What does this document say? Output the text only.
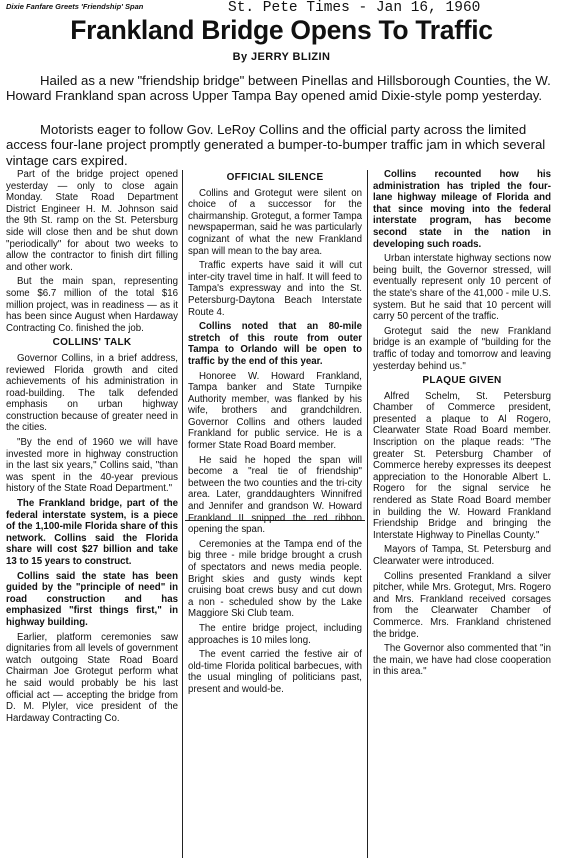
Dixie Fanfare Greets 'Friendship' Span	St. Pete Times - Jan 16, 1960
Frankland Bridge Opens To Traffic
By JERRY BLIZIN

Hailed as a new "friendship bridge" between Pinellas and Hillsborough Counties, the W. Howard Frankland span across Upper Tampa Bay opened amid Dixie-style pomp yesterday.

Motorists eager to follow Gov. LeRoy Collins and the official party across the limited access four-lane project promptly generated a bumper-to-bumper traffic jam in which several vintage cars expired.

Part of the bridge project opened yesterday — only to close again Monday. State Road Department District Engineer H. M. Johnson said the 9th St. ramp on the St. Petersburg side will close then and be shut down "periodically" for about two weeks to allow the contractor to finish dirt filling and other work.

But the main span, representing some $6.7 million of the total $16 million project, was in readiness — as it has been since August when Hardaway Contracting Co. finished the job.

COLLINS' TALK

Governor Collins, in a brief address, reviewed Florida growth and cited achievements of his administration in road-building. The talk defended emphasis on urban highway construction because of greater need in the cities.

"By the end of 1960 we will have invested more in highway construction in the last six years," Collins said, "than was spent in the 40-year previous history of the State Road Department."

The Frankland bridge, part of the federal interstate system, is a piece of the 1,100-mile Florida share of this network. Collins said the Florida share will cost $27 billion and take 13 to 15 years to construct.

Collins said the state has been guided by the "principle of need" in road construction and has emphasized "first things first," in highway building.

Earlier, platform ceremonies saw dignitaries from all levels of government watch outgoing State Road Board Chairman Joe Grotegut perform what he said would probably be his last official act — accepting the bridge from D. M. Plyler, vice president of the Hardaway Contracting Co.

OFFICIAL SILENCE

Collins and Grotegut were silent on choice of a successor for the chairmanship. Grotegut, a former Tampa newspaperman, said he was particularly cognizant of what the new Frankland span will mean to the bay area.

Traffic experts have said it will cut inter-city travel time in half. It will feed to Tampa's expressway and into the St. Petersburg-Daytona Beach Interstate Route 4.

Collins noted that an 80-mile stretch of this route from outer Tampa to Orlando will be open to traffic by the end of this year.

Honoree W. Howard Frankland, Tampa banker and State Turnpike Authority member, was flanked by his wife, brothers and grandchildren. Governor Collins and others lauded Frankland for public service. He is a former State Road Board member.

He said he hoped the span will become a "real tie of friendship" between the two counties and the tri-city area. Later, granddaughters Winnifred and Jennifer and grandson W. Howard Frankland II snipped the red ribbon opening the span.

Ceremonies at the Tampa end of the big three - mile bridge brought a crush of spectators and news media people. Bright skies and gusty winds kept cruising boat crews busy and cut down a non - scheduled show by the Lake Maggiore Ski Club team.

The entire bridge project, including approaches is 10 miles long.

The event carried the festive air of old-time Florida political barbecues, with the usual mingling of politicians past, present and would-be.

Collins recounted how his administration has tripled the four-lane highway mileage of Florida and that since moving into the federal interstate program, has become second state in the nation in developing such roads.

Urban interstate highway sections now being built, the Governor stressed, will eventually represent only 10 percent of the state's share of the 41,000 - mile U.S. system. But he said that 10 percent will carry 50 percent of the traffic.

Grotegut said the new Frankland bridge is an example of "building for the traffic of today and tomorrow and leaving yesterday behind us."

PLAQUE GIVEN

Alfred Schelm, St. Petersburg Chamber of Commerce president, presented a plaque to Al Rogero, Clearwater State Road Board member. Inscription on the plaque reads: "The greater St. Petersburg Chamber of Commerce hereby expresses its deepest appreciation to the Honorable Albert L. Rogero for the signal service he rendered as State Road Board member in building the W. Howard Frankland Friendship Bridge and bringing the Interstate Highway to Pinellas County."

Mayors of Tampa, St. Petersburg and Clearwater were introduced.

Collins presented Frankland a silver pitcher, while Mrs. Grotegut, Mrs. Rogero and Mrs. Frankland received corsages from the Clearwater Chamber of Commerce. Mrs. Frankland christened the bridge.

The Governor also commented that "in the main, we have had close cooperation in this area."
